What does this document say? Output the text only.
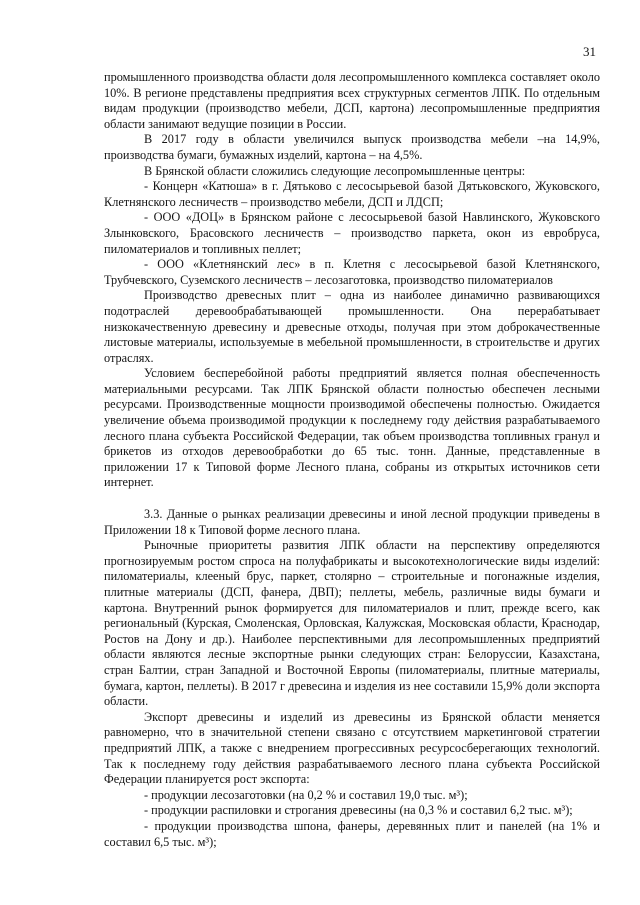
31

промышленного производства области доля лесопромышленного комплекса составляет около 10%. В регионе представлены предприятия всех структурных сегментов ЛПК. По отдельным видам продукции (производство мебели, ДСП, картона) лесопромышленные предприятия области занимают ведущие позиции в России.

В 2017 году в области увеличился выпуск производства мебели –на 14,9%, производства бумаги, бумажных изделий, картона – на 4,5%.

В Брянской области сложились следующие лесопромышленные центры:

- Концерн «Катюша» в г. Дятьково с лесосырьевой базой Дятьковского, Жуковского, Клетнянского лесничеств – производство мебели, ДСП и ЛДСП;

- ООО «ДОЦ» в Брянском районе с лесосырьевой базой Навлинского, Жуковского Злынковского, Брасовского лесничеств – производство паркета, окон из евробруса, пиломатериалов и топливных пеллет;

- ООО «Клетнянский лес» в п. Клетня с лесосырьевой базой Клетнянского, Трубчевского, Суземского лесничеств – лесозаготовка, производство пиломатериалов

Производство древесных плит – одна из наиболее динамично развивающихся подотраслей деревообрабатывающей промышленности. Она перерабатывает низкокачественную древесину и древесные отходы, получая при этом доброкачественные листовые материалы, используемые в мебельной промышленности, в строительстве и других отраслях.

Условием бесперебойной работы предприятий является полная обеспеченность материальными ресурсами. Так ЛПК Брянской области полностью обеспечен лесными ресурсами. Производственные мощности производимой обеспечены полностью. Ожидается увеличение объема производимой продукции к последнему году действия разрабатываемого лесного плана субъекта Российской Федерации, так объем производства топливных гранул и брикетов из отходов деревообработки до 65 тыс. тонн. Данные, представленные в приложении 17 к Типовой форме Лесного плана, собраны из открытых источников сети интернет.

3.3. Данные о рынках реализации древесины и иной лесной продукции приведены в Приложении 18 к Типовой форме лесного плана.

Рыночные приоритеты развития ЛПК области на перспективу определяются прогнозируемым ростом спроса на полуфабрикаты и высокотехнологические виды изделий: пиломатериалы, клееный брус, паркет, столярно – строительные и погонажные изделия, плитные материалы (ДСП, фанера, ДВП); пеллеты, мебель, различные виды бумаги и картона. Внутренний рынок формируется для пиломатериалов и плит, прежде всего, как региональный (Курская, Смоленская, Орловская, Калужская, Московская области, Краснодар, Ростов на Дону и др.). Наиболее перспективными для лесопромышленных предприятий области являются лесные экспортные рынки следующих стран: Белоруссии, Казахстана, стран Балтии, стран Западной и Восточной Европы (пиломатериалы, плитные материалы, бумага, картон, пеллеты). В 2017 г древесина и изделия из нее составили 15,9% доли экспорта области.

Экспорт древесины и изделий из древесины из Брянской области меняется равномерно, что в значительной степени связано с отсутствием маркетинговой стратегии предприятий ЛПК, а также с внедрением прогрессивных ресурсосберегающих технологий. Так к последнему году действия разрабатываемого лесного плана субъекта Российской Федерации планируется рост экспорта:

- продукции лесозаготовки (на 0,2 % и составил 19,0 тыс. м³);

- продукции распиловки и строгания древесины (на 0,3 % и составил 6,2 тыс. м³);

- продукции производства шпона, фанеры, деревянных плит и панелей (на 1% и составил 6,5 тыс. м³);
